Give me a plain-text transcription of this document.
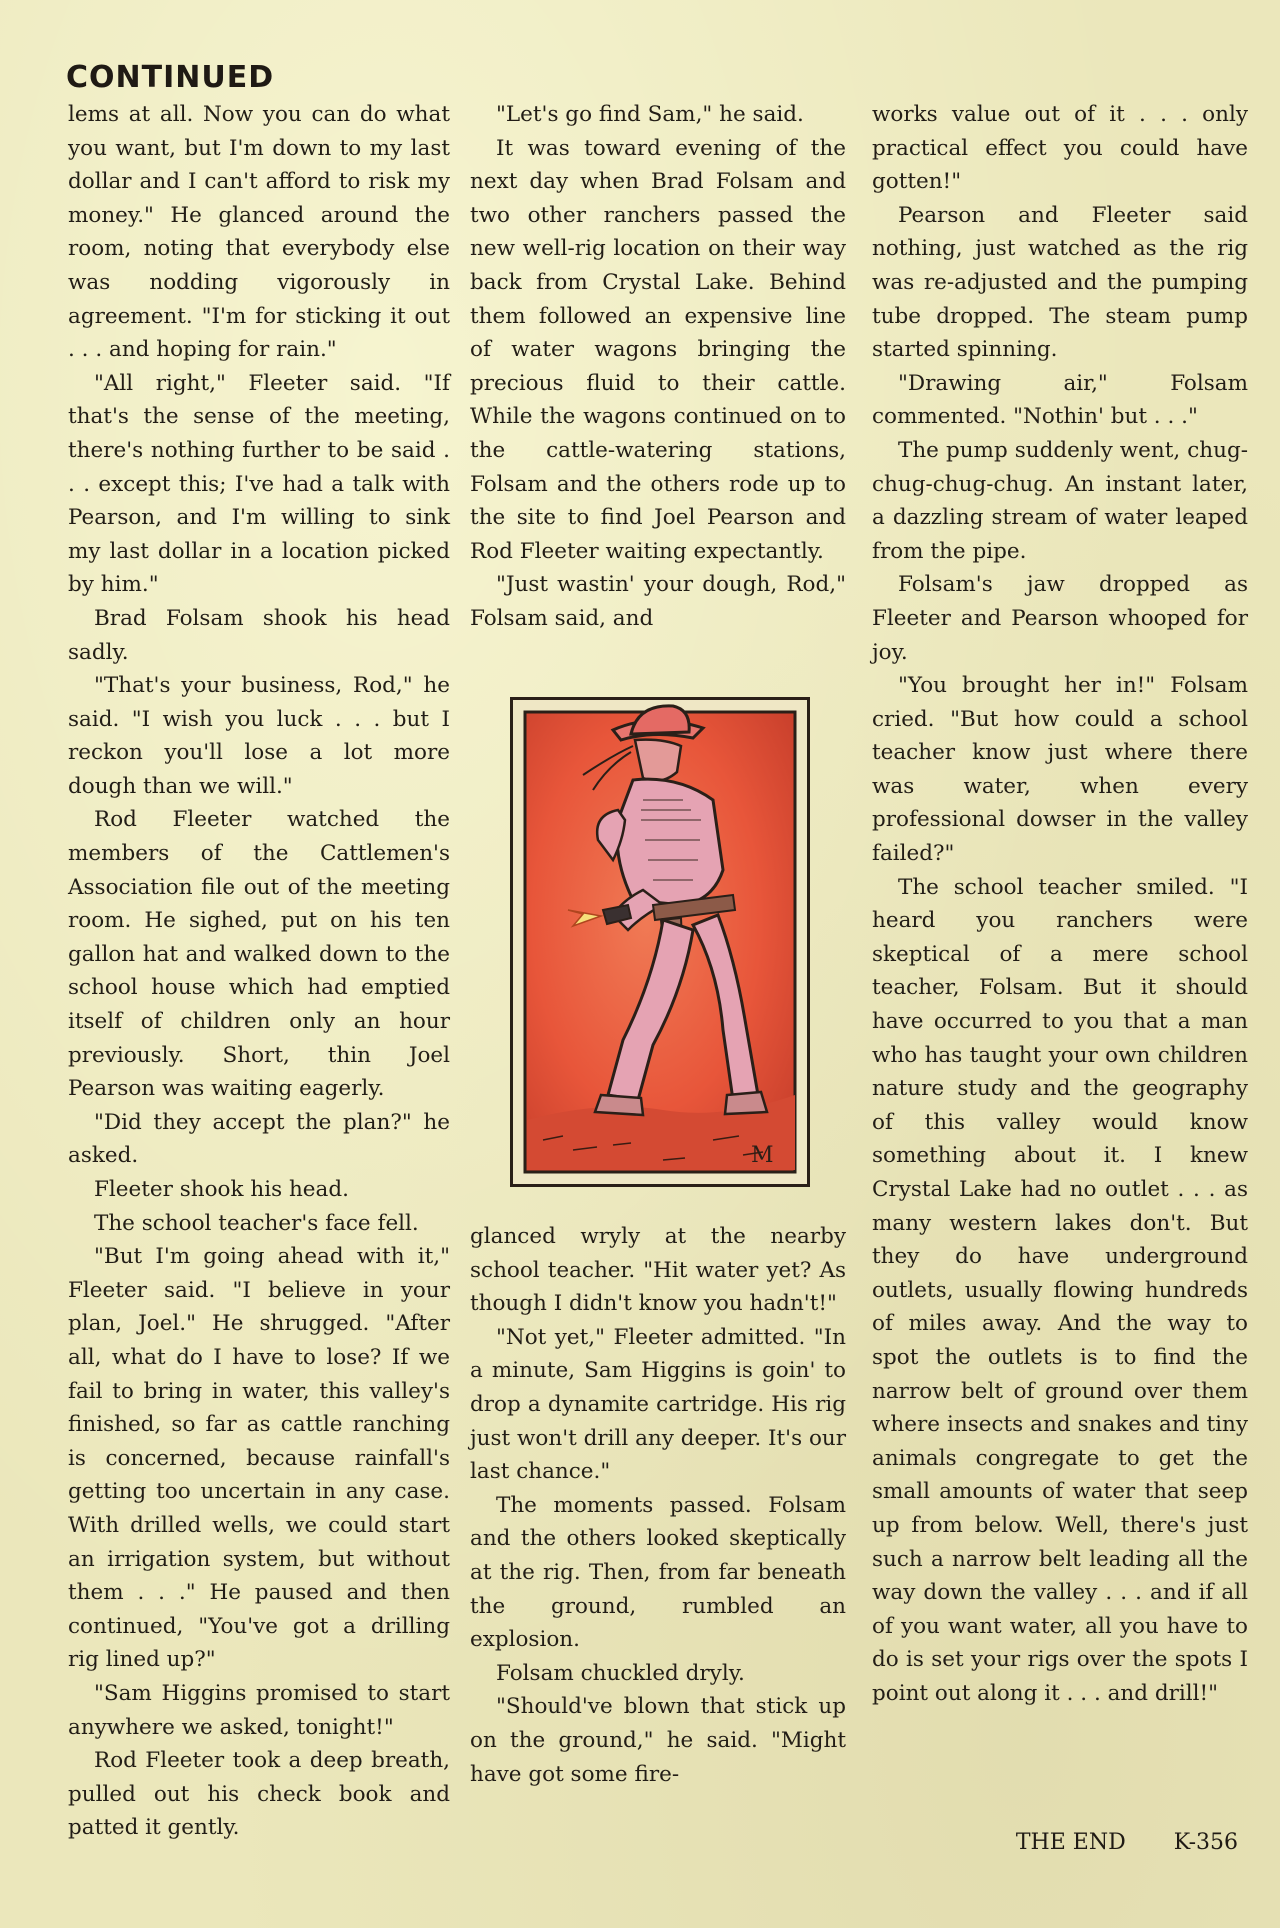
CONTINUED

lems at all. Now you can do what you want, but I'm down to my last dollar and I can't afford to risk my money." He glanced around the room, noting that everybody else was nodding vigorously in agreement. "I'm for sticking it out . . . and hoping for rain."

"All right," Fleeter said. "If that's the sense of the meeting, there's nothing further to be said . . . except this; I've had a talk with Pearson, and I'm willing to sink my last dollar in a location picked by him."

Brad Folsam shook his head sadly.

"That's your business, Rod," he said. "I wish you luck . . . but I reckon you'll lose a lot more dough than we will."

Rod Fleeter watched the members of the Cattlemen's Association file out of the meeting room. He sighed, put on his ten gallon hat and walked down to the school house which had emptied itself of children only an hour previously. Short, thin Joel Pearson was waiting eagerly.

"Did they accept the plan?" he asked.

Fleeter shook his head.

The school teacher's face fell.

"But I'm going ahead with it," Fleeter said. "I believe in your plan, Joel." He shrugged. "After all, what do I have to lose? If we fail to bring in water, this valley's finished, so far as cattle ranching is concerned, because rainfall's getting too uncertain in any case. With drilled wells, we could start an irrigation system, but without them . . ." He paused and then continued, "You've got a drilling rig lined up?"

"Sam Higgins promised to start anywhere we asked, tonight!"

Rod Fleeter took a deep breath, pulled out his check book and patted it gently.

"Let's go find Sam," he said.

It was toward evening of the next day when Brad Folsam and two other ranchers passed the new well-rig location on their way back from Crystal Lake. Behind them followed an expensive line of water wagons bringing the precious fluid to their cattle. While the wagons continued on to the cattle-watering stations, Folsam and the others rode up to the site to find Joel Pearson and Rod Fleeter waiting expectantly.

"Just wastin' your dough, Rod," Folsam said, and

M

glanced wryly at the nearby school teacher. "Hit water yet? As though I didn't know you hadn't!"

"Not yet," Fleeter admitted. "In a minute, Sam Higgins is goin' to drop a dynamite cartridge. His rig just won't drill any deeper. It's our last chance."

The moments passed. Folsam and the others looked skeptically at the rig. Then, from far beneath the ground, rumbled an explosion.

Folsam chuckled dryly.

"Should've blown that stick up on the ground," he said. "Might have got some fire-

works value out of it . . . only practical effect you could have gotten!"

Pearson and Fleeter said nothing, just watched as the rig was re-adjusted and the pumping tube dropped. The steam pump started spinning.

"Drawing air," Folsam commented. "Nothin' but . . ."

The pump suddenly went, chug-chug-chug-chug. An instant later, a dazzling stream of water leaped from the pipe.

Folsam's jaw dropped as Fleeter and Pearson whooped for joy.

"You brought her in!" Folsam cried. "But how could a school teacher know just where there was water, when every professional dowser in the valley failed?"

The school teacher smiled. "I heard you ranchers were skeptical of a mere school teacher, Folsam. But it should have occurred to you that a man who has taught your own children nature study and the geography of this valley would know something about it. I knew Crystal Lake had no outlet . . . as many western lakes don't. But they do have underground outlets, usually flowing hundreds of miles away. And the way to spot the outlets is to find the narrow belt of ground over them where insects and snakes and tiny animals congregate to get the small amounts of water that seep up from below. Well, there's just such a narrow belt leading all the way down the valley . . . and if all of you want water, all you have to do is set your rigs over the spots I point out along it . . . and drill!"

THE END K-356
